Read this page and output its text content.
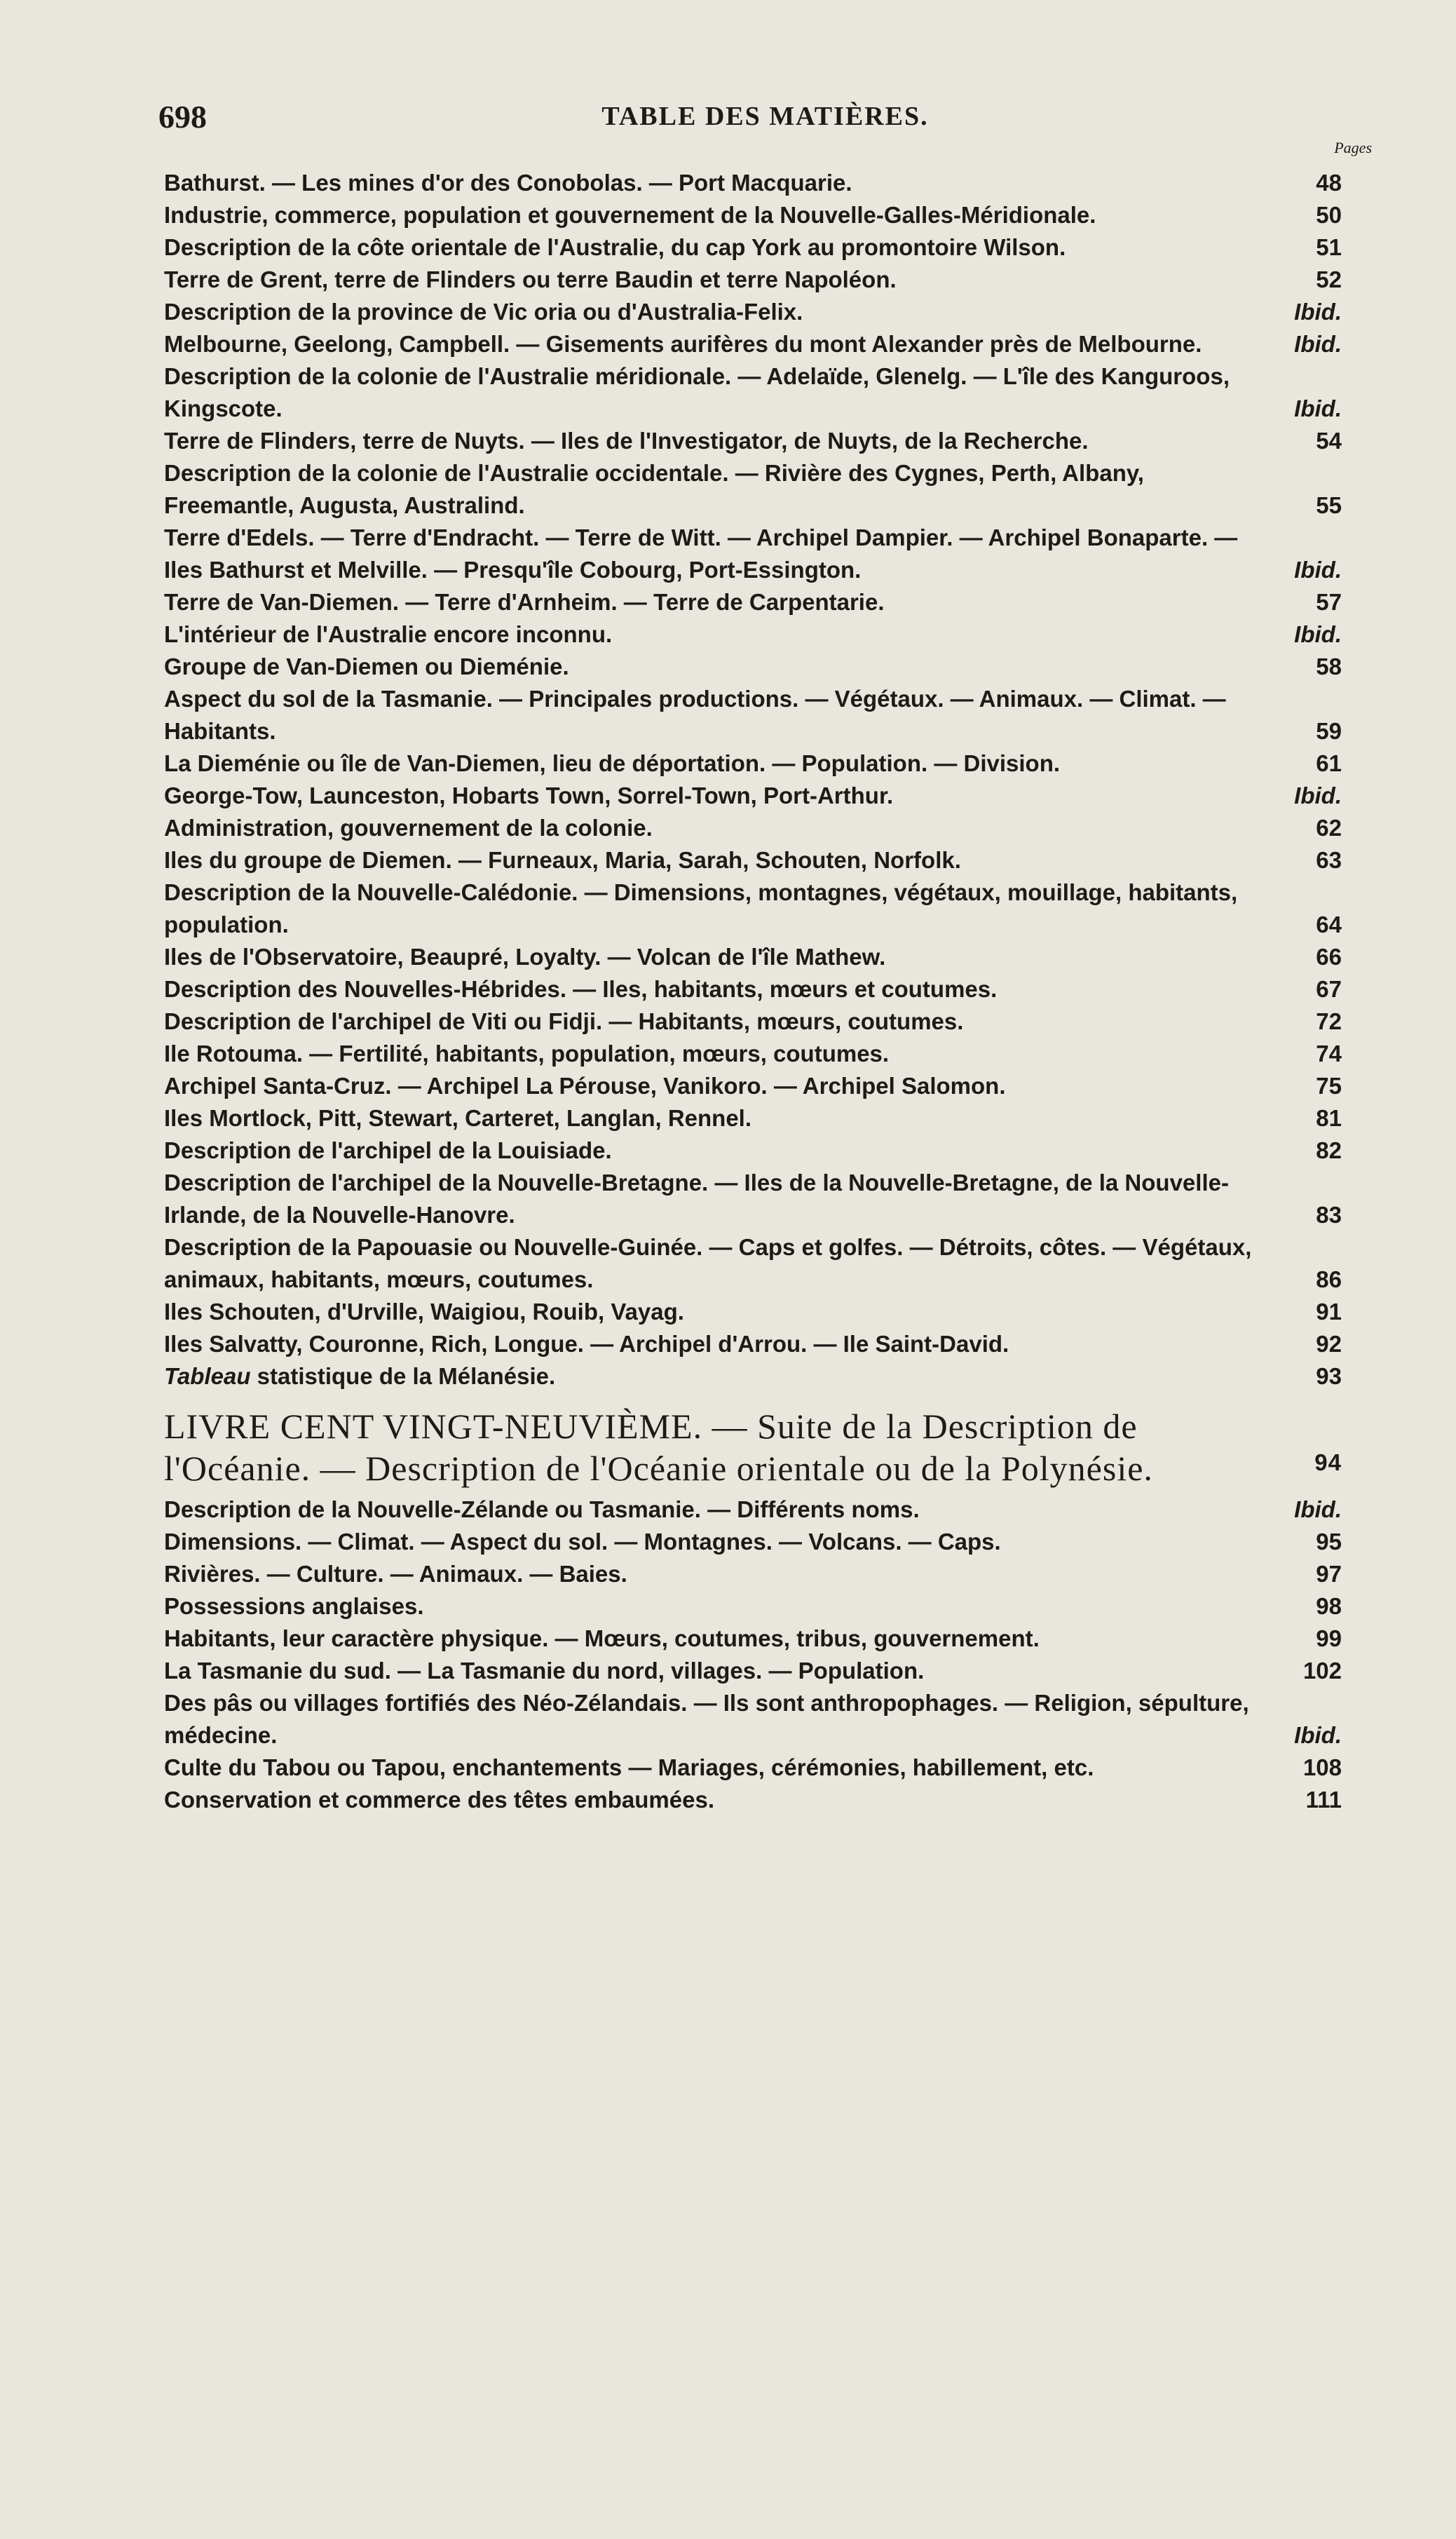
698	TABLE DES MATIÈRES.
Pages
Bathurst. — Les mines d'or des Conobolas. — Port Macquarie.	48
Industrie, commerce, population et gouvernement de la Nouvelle-Galles-Méridionale.	50
Description de la côte orientale de l'Australie, du cap York au promontoire Wilson.	51
Terre de Grent, terre de Flinders ou terre Baudin et terre Napoléon.	52
Description de la province de Vic oria ou d'Australia-Felix.	Ibid.
Melbourne, Geelong, Campbell. — Gisements aurifères du mont Alexander près de Melbourne.	Ibid.
Description de la colonie de l'Australie méridionale. — Adelaïde, Glenelg. — L'île des Kanguroos, Kingscote.	Ibid.
Terre de Flinders, terre de Nuyts. — Iles de l'Investigator, de Nuyts, de la Recherche.	54
Description de la colonie de l'Australie occidentale. — Rivière des Cygnes, Perth, Albany, Freemantle, Augusta, Australind.	55
Terre d'Edels. — Terre d'Endracht. — Terre de Witt. — Archipel Dampier. — Archipel Bonaparte. — Iles Bathurst et Melville. — Presqu'île Cobourg, Port-Essington.	Ibid.
Terre de Van-Diemen. — Terre d'Arnheim. — Terre de Carpentarie.	57
L'intérieur de l'Australie encore inconnu.	Ibid.
Groupe de Van-Diemen ou Dieménie.	58
Aspect du sol de la Tasmanie. — Principales productions. — Végétaux. — Animaux. — Climat. — Habitants.	59
La Dieménie ou île de Van-Diemen, lieu de déportation. — Population. — Division.	61
George-Tow, Launceston, Hobarts Town, Sorrel-Town, Port-Arthur.	Ibid.
Administration, gouvernement de la colonie.	62
Iles du groupe de Diemen. — Furneaux, Maria, Sarah, Schouten, Norfolk.	63
Description de la Nouvelle-Calédonie. — Dimensions, montagnes, végétaux, mouillage, habitants, population.	64
Iles de l'Observatoire, Beaupré, Loyalty. — Volcan de l'île Mathew.	66
Description des Nouvelles-Hébrides. — Iles, habitants, mœurs et coutumes.	67
Description de l'archipel de Viti ou Fidji. — Habitants, mœurs, coutumes.	72
Ile Rotouma. — Fertilité, habitants, population, mœurs, coutumes.	74
Archipel Santa-Cruz. — Archipel La Pérouse, Vanikoro. — Archipel Salomon.	75
Iles Mortlock, Pitt, Stewart, Carteret, Langlan, Rennel.	81
Description de l'archipel de la Louisiade.	82
Description de l'archipel de la Nouvelle-Bretagne. — Iles de la Nouvelle-Bretagne, de la Nouvelle-Irlande, de la Nouvelle-Hanovre.	83
Description de la Papouasie ou Nouvelle-Guinée. — Caps et golfes. — Détroits, côtes. — Végétaux, animaux, habitants, mœurs, coutumes.	86
Iles Schouten, d'Urville, Waigiou, Rouib, Vayag.	91
Iles Salvatty, Couronne, Rich, Longue. — Archipel d'Arrou. — Ile Saint-David.	92
Tableau statistique de la Mélanésie.	93
LIVRE CENT VINGT-NEUVIÈME. — Suite de la Description de l'Océanie. — Description de l'Océanie orientale ou de la Polynésie.	94
Description de la Nouvelle-Zélande ou Tasmanie. — Différents noms.	Ibid.
Dimensions. — Climat. — Aspect du sol. — Montagnes. — Volcans. — Caps.	95
Rivières. — Culture. — Animaux. — Baies.	97
Possessions anglaises.	98
Habitants, leur caractère physique. — Mœurs, coutumes, tribus, gouvernement.	99
La Tasmanie du sud. — La Tasmanie du nord, villages. — Population.	102
Des pâs ou villages fortifiés des Néo-Zélandais. — Ils sont anthropophages. — Religion, sépulture, médecine.	Ibid.
Culte du Tabou ou Tapou, enchantements — Mariages, cérémonies, habillement, etc.	108
Conservation et commerce des têtes embaumées.	111
